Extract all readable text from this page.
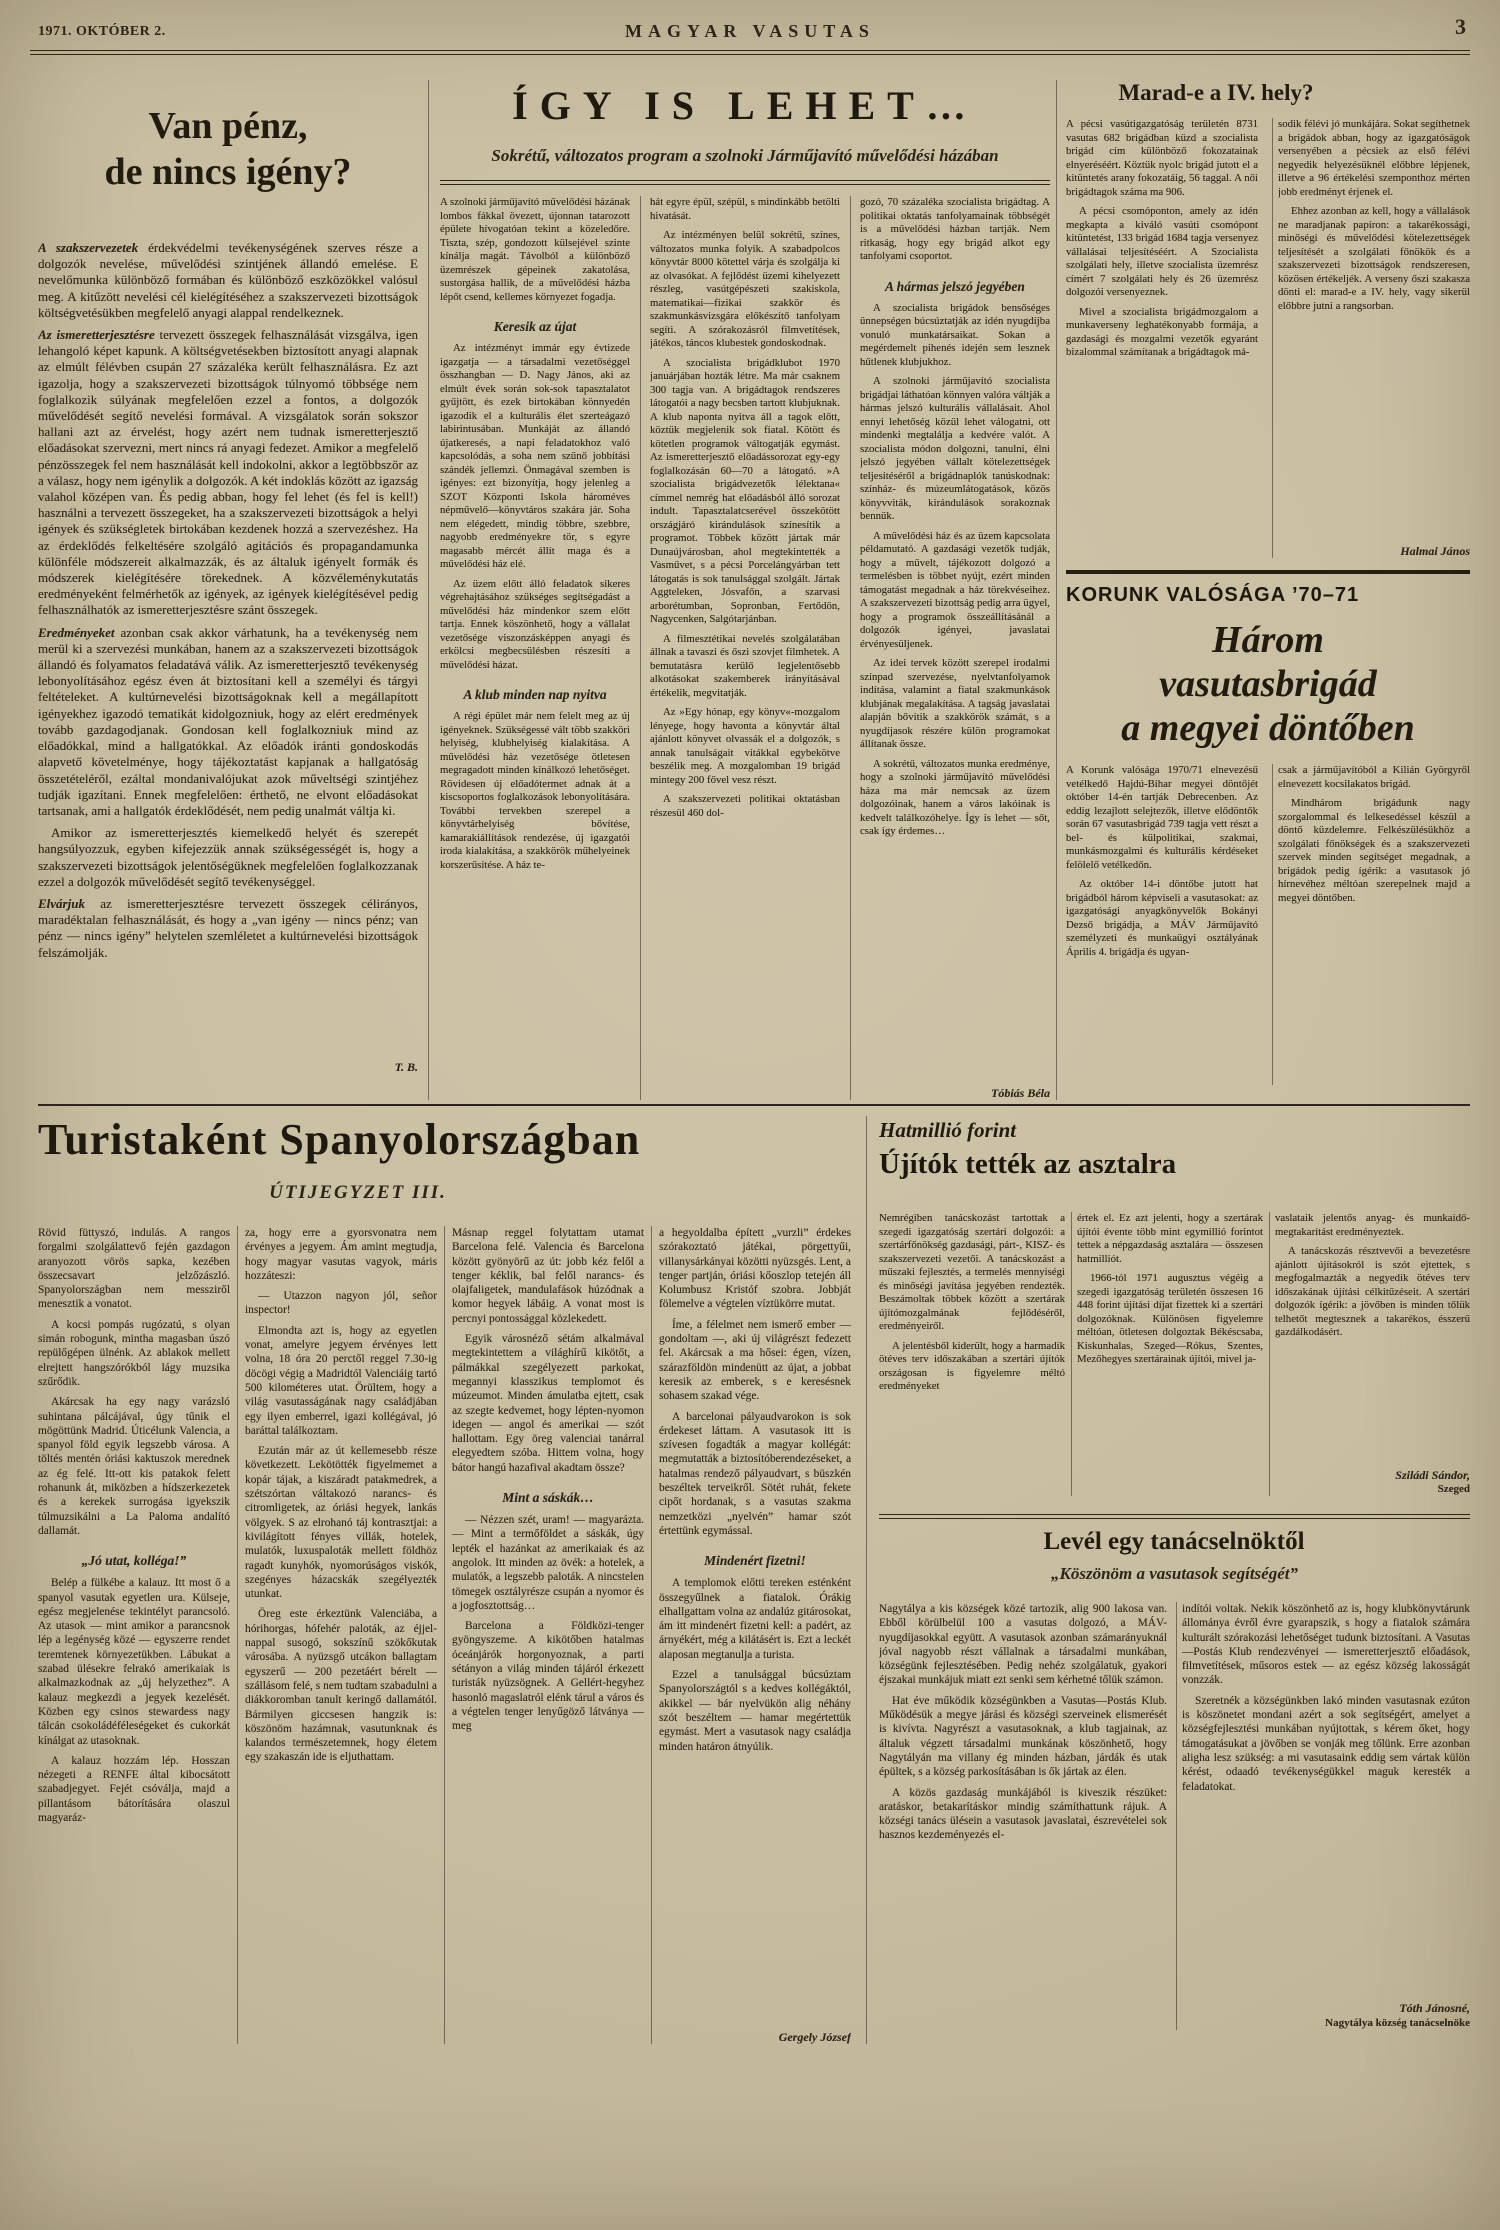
1971. OKTÓBER 2.	MAGYAR VASUTAS	3
Van pénz,
de nincs igény?

A szakszervezetek érdekvédelmi tevékenységének szerves része a dolgozók nevelése, művelődési szintjének állandó emelése. E nevelőmunka különböző formában és különböző eszközökkel valósul meg. A kitűzött nevelési cél kielégítéséhez a szakszervezeti bizottságok költségvetésükben megfelelő anyagi alappal rendelkeznek.

Az ismeretterjesztésre tervezett összegek felhasználását vizsgálva, igen lehangoló képet kapunk. A költségvetésekben biztosított anyagi alapnak az elmúlt félévben csupán 27 százaléka került felhasználásra. Ez azt igazolja, hogy a szakszervezeti bizottságok túlnyomó többsége nem foglalkozik súlyának megfelelően ezzel a fontos, a dolgozók művelődését segítő nevelési formával. A vizsgálatok során sokszor hallani azt az érvelést, hogy azért nem tudnak ismeretterjesztő előadásokat szervezni, mert nincs rá anyagi fedezet. Amikor a megfelelő pénzösszegek fel nem használását kell indokolni, akkor a legtöbbször az a válasz, hogy nem igénylik a dolgozók. A két indoklás között az igazság valahol középen van. És pedig abban, hogy fel lehet (és fel is kell!) használni a tervezett összegeket, ha a szakszervezeti bizottságok a helyi igények és szükségletek birtokában kezdenek hozzá a szervezéshez. Ha az érdeklődés felkeltésére szolgáló agitációs és propagandamunka különféle módszereit alkalmazzák, és az általuk igényelt formák és módszerek kielégítésére törekednek. A közvéleménykutatás eredményeként felmérhetők az igények, az igények kielégítésével pedig felhasználhatók az ismeretterjesztésre szánt összegek.

Eredményeket azonban csak akkor várhatunk, ha a tevékenység nem merül ki a szervezési munkában, hanem az a szakszervezeti bizottságok állandó és folyamatos feladatává válik. Az ismeretterjesztő tevékenység lebonyolításához egész éven át biztosítani kell a személyi és tárgyi feltételeket. A kultúrnevelési bizottságoknak kell a megállapított igényekhez igazodó tematikát kidolgozniuk, hogy az elért eredmények tovább gazdagodjanak. Gondosan kell foglalkozniuk mind az előadókkal, mind a hallgatókkal. Az előadók iránti gondoskodás alapvető követelménye, hogy tájékoztatást kapjanak a hallgatóság összetételéről, ezáltal mondanivalójukat azok műveltségi szintjéhez tudják igazítani. Ennek megfelelően: érthető, ne elvont előadásokat tartsanak, ami a hallgatók érdeklődését, nem pedig unalmát váltja ki.

Amikor az ismeretterjesztés kiemelkedő helyét és szerepét hangsúlyozzuk, egyben kifejezzük annak szükségességét is, hogy a szakszervezeti bizottságok jelentőségüknek megfelelően foglalkozzanak ezzel a dolgozók művelődését segítő tevékenységgel.

Elvárjuk az ismeretterjesztésre tervezett összegek célirányos, maradéktalan felhasználását, és hogy a „van igény — nincs pénz; van pénz — nincs igény” helytelen szemléletet a kultúrnevelési bizottságok felszámolják.

T. B.
ÍGY IS LEHET…
Sokrétű, változatos program a szolnoki Járműjavító művelődési házában

A szolnoki járműjavító művelődési házának lombos fákkal övezett, újonnan tatarozott épülete hívogatóan tekint a közeledőre. Tiszta, szép, gondozott külsejével szinte kínálja magát. Távolból a különböző üzemrészek gépeinek zakatolása, sustorgása hallik, de a művelődési házba lépőt csend, kellemes környezet fogadja.

Keresik az újat

Az intézményt immár egy évtizede igazgatja — a társadalmi vezetőséggel összhangban — D. Nagy János, aki az elmúlt évek során sok-sok tapasztalatot gyűjtött, és ezek birtokában könnyedén igazodik el a kulturális élet szerteágazó labirintusában. Munkáját az állandó újatkeresés, a napi feladatokhoz való kapcsolódás, a soha nem szűnő jobbítási szándék jellemzi. Önmagával szemben is igényes: ezt bizonyítja, hogy jelenleg a SZOT Központi Iskola hároméves népművelő—könyvtáros szakára jár. Soha nem elégedett, mindig többre, szebbre, nagyobb eredményekre tör, s egyre magasabb mércét állít maga és a művelődési ház elé.

Az üzem előtt álló feladatok sikeres végrehajtásához szükséges segítségadást a művelődési ház mindenkor szem előtt tartja. Ennek köszönhető, hogy a vállalat vezetősége viszonzásképpen anyagi és erkölcsi megbecsülésben részesíti a művelődési házat.

A klub minden nap nyitva

A régi épület már nem felelt meg az új igényeknek. Szükségessé vált több szakköri helyiség, klubhelyiség kialakítása. A művelődési ház vezetősége ötletesen megragadott minden kínálkozó lehetőséget. Rövidesen új előadótermet adnak át a kiscsoportos foglalkozások lebonyolítására. További tervekben szerepel a könyvtárhelyiség bővítése, kamarakiállítások rendezése, új igazgatói iroda kialakítása, a szakkörök műhelyeinek korszerűsítése. A ház te-

hát egyre épül, szépül, s mindinkább betölti hivatását.

Az intézményen belül sokrétű, színes, változatos munka folyik. A szabadpolcos könyvtár 8000 kötettel várja és szolgálja ki az olvasókat. A fejlődést üzemi kihelyezett részleg, vasútgépészeti szakiskola, matematikai—fizikai szakkör és szakmunkásvizsgára előkészítő tanfolyam segíti. A szórakozásról filmvetítések, játékos, táncos klubestek gondoskodnak.

A szocialista brigádklubot 1970 januárjában hozták létre. Ma már csaknem 300 tagja van. A brigádtagok rendszeres látogatói a nagy becsben tartott klubjuknak. A klub naponta nyitva áll a tagok előtt, köztük megjelenik sok fiatal. Kötött és kötetlen programok váltogatják egymást. Az ismeretterjesztő előadássorozat egy-egy foglalkozásán 60—70 a látogató. »A szocialista brigádvezetők lélektana« címmel nemrég hat előadásból álló sorozat indult. Tapasztalatcserével összekötött országjáró kirándulások színesítik a programot. Többek között jártak már Dunaújvárosban, ahol megtekintették a Vasművet, s a pécsi Porcelángyárban tett látogatás is sok tanulsággal szolgált. Jártak Aggteleken, Jósvafőn, a szarvasi arborétumban, Sopronban, Fertődön, Nagycenken, Salgótarjánban.

A filmesztétikai nevelés szolgálatában állnak a tavaszi és őszi szovjet filmhetek. A bemutatásra kerülő legjelentősebb alkotásokat szakemberek irányításával értékelik, megvitatják.

Az »Egy hónap, egy könyv«-mozgalom lényege, hogy havonta a könyvtár által ajánlott könyvet olvassák el a dolgozók, s annak tanulságait vitákkal egybekötve beszélik meg. A mozgalomban 19 brigád mintegy 200 fővel vesz részt.

A szakszervezeti politikai oktatásban részesül 460 dol-

gozó, 70 százaléka szocialista brigádtag. A politikai oktatás tanfolyamainak többségét is a művelődési házban tartják. Nem ritkaság, hogy egy brigád alkot egy tanfolyami csoportot.

A hármas jelszó jegyében

A szocialista brigádok bensőséges ünnepségen búcsúztatják az idén nyugdíjba vonuló munkatársaikat. Sokan a megérdemelt pihenés idején sem lesznek hűtlenek klubjukhoz.

A szolnoki járműjavító szocialista brigádjai láthatóan könnyen valóra váltják a hármas jelszó kulturális vállalásait. Ahol ennyi lehetőség közül lehet válogatni, ott mindenki megtalálja a kedvére valót. A szocialista módon dolgozni, tanulni, élni jelszó jegyében vállalt kötelezettségek teljesítéséről a brigádnaplók tanúskodnak: színház- és múzeumlátogatások, közös könyvviták, kirándulások sorakoznak bennük.

A művelődési ház és az üzem kapcsolata példamutató. A gazdasági vezetők tudják, hogy a művelt, tájékozott dolgozó a termelésben is többet nyújt, ezért minden támogatást megadnak a ház törekvéseihez. A szakszervezeti bizottság pedig arra ügyel, hogy a programok összeállításánál a dolgozók igényei, javaslatai érvényesüljenek.

Az idei tervek között szerepel irodalmi színpad szervezése, nyelvtanfolyamok indítása, valamint a fiatal szakmunkások klubjának megalakítása. A tagság javaslatai alapján bővítik a szakkörök számát, s a nyugdíjasok részére külön programokat állítanak össze.

A sokrétű, változatos munka eredménye, hogy a szolnoki járműjavító művelődési háza ma már nemcsak az üzem dolgozóinak, hanem a város lakóinak is kedvelt találkozóhelye. Így is lehet — sőt, csak így érdemes…

Tóbiás Béla
Marad-e a IV. hely?

A pécsi vasútigazgatóság területén 8731 vasutas 682 brigádban küzd a szocialista brigád cím különböző fokozatainak elnyeréséért. Köztük nyolc brigád jutott el a kitüntetés arany fokozatáig, 56 taggal. A női brigádtagok száma ma 906.

A pécsi csomóponton, amely az idén megkapta a kiváló vasúti csomópont kitüntetést, 133 brigád 1684 tagja versenyez vállalásai teljesítéséért. A Szocialista szolgálati hely, illetve szocialista üzemrész címért 7 szolgálati hely és 26 üzemrész dolgozói versenyeznek.

Mivel a szocialista brigádmozgalom a munkaverseny leghatékonyabb formája, a gazdasági és mozgalmi vezetők egyaránt bizalommal számítanak a brigádtagok má-

sodik félévi jó munkájára. Sokat segíthetnek a brigádok abban, hogy az igazgatóságok versenyében a pécsiek az első félévi negyedik helyezésüknél előbbre lépjenek, illetve a 96 értékelési szemponthoz mérten jobb eredményt érjenek el.

Ehhez azonban az kell, hogy a vállalások ne maradjanak papíron: a takarékossági, minőségi és művelődési kötelezettségek teljesítését a szolgálati főnökök és a szakszervezeti bizottságok rendszeresen, közösen értékeljék. A verseny őszi szakasza dönti el: marad-e a IV. hely, vagy sikerül előbbre jutni a rangsorban.

Halmai János
KORUNK VALÓSÁGA ’70–71
Három
vasutasbrigád
a megyei döntőben

A Korunk valósága 1970/71 elnevezésű vetélkedő Hajdú-Bihar megyei döntőjét október 14-én tartják Debrecenben. Az eddig lezajlott selejtezők, illetve elődöntők során 67 vasutasbrigád 739 tagja vett részt a bel- és külpolitikai, szakmai, munkásmozgalmi és kulturális kérdéseket felölelő vetélkedőn.

Az október 14-i döntőbe jutott hat brigádból három képviseli a vasutasokat: az igazgatósági anyagkönyvelők Bokányi Dezső brigádja, a MÁV Járműjavító személyzeti és munkaügyi osztályának Április 4. brigádja és ugyan-

csak a járműjavítóból a Kilián Györgyről elnevezett kocsilakatos brigád.

Mindhárom brigádunk nagy szorgalommal és lelkesedéssel készül a döntő küzdelemre. Felkészülésükhöz a szolgálati főnökségek és a szakszervezeti szervek minden segítséget megadnak, a brigádok pedig ígérik: a vasutasok jó hírnevéhez méltóan szerepelnek majd a megyei döntőben.

Turistaként Spanyolországban
ÚTIJEGYZET III.

Rövid füttyszó, indulás. A rangos forgalmi szolgálattevő fején gazdagon aranyozott vörös sapka, kezében összecsavart jelzőzászló. Spanyolországban nem messziről menesztik a vonatot.

A kocsi pompás rugózatú, s olyan simán robogunk, mintha magasban úszó repülőgépen ülnénk. Az ablakok mellett elrejtett hangszórókból lágy muzsika szűrődik.

Akárcsak ha egy nagy varázsló suhintana pálcájával, úgy tűnik el mögöttünk Madrid. Úticélunk Valencia, a spanyol föld egyik legszebb városa. A töltés mentén óriási kaktuszok merednek az ég felé. Itt-ott kis patakok felett rohanunk át, miközben a hídszerkezetek és a kerekek surrogása igyekszik túlmuzsikálni a La Paloma andalító dallamát.

„Jó utat, kolléga!”

Belép a fülkébe a kalauz. Itt most ő a spanyol vasutak egyetlen ura. Külseje, egész megjelenése tekintélyt parancsoló. Az utasok — mint amikor a parancsnok lép a legénység közé — egyszerre rendet teremtenek környezetükben. Lábukat a szabad ülésekre felrakó amerikaiak is alkalmazkodnak az „új helyzethez”. A kalauz megkezdi a jegyek kezelését. Közben egy csinos stewardess nagy tálcán csokoládéféleségeket és cukorkát kínálgat az utasoknak.

A kalauz hozzám lép. Hosszan nézegeti a RENFE által kibocsátott szabadjegyet. Fejét csóválja, majd a pillantásom bátorítására olaszul magyaráz-

za, hogy erre a gyorsvonatra nem érvényes a jegyem. Ám amint megtudja, hogy magyar vasutas vagyok, máris hozzáteszi:

— Utazzon nagyon jól, señor inspector!

Elmondta azt is, hogy az egyetlen vonat, amelyre jegyem érvényes lett volna, 18 óra 20 perctől reggel 7.30-ig döcögi végig a Madridtól Valenciáig tartó 500 kilométeres utat. Örültem, hogy a világ vasutasságának nagy családjában egy ilyen emberrel, igazi kollégával, jó baráttal találkoztam.

Ezután már az út kellemesebb része következett. Lekötötték figyelmemet a kopár tájak, a kiszáradt patakmedrek, a szétszórtan váltakozó narancs- és citromligetek, az óriási hegyek, lankás völgyek. S az elrohanó táj kontrasztjai: a kivilágított fényes villák, hotelek, mulatók, luxuspaloták mellett földhöz ragadt kunyhók, nyomorúságos viskók, szegényes házacskák szegélyezték utunkat.

Öreg este érkeztünk Valenciába, a hórihorgas, hófehér paloták, az éjjel-nappal susogó, sokszínű szökőkutak városába. A nyüzsgő utcákon ballagtam egyszerű — 200 pezetáért bérelt — szállásom felé, s nem tudtam szabadulni a diákkoromban tanult keringő dallamától. Bármilyen giccsesen hangzik is: köszönöm hazámnak, vasutunknak és kalandos természetemnek, hogy életem egy szakaszán ide is eljuthattam.

Másnap reggel folytattam utamat Barcelona felé. Valencia és Barcelona között gyönyörű az út: jobb kéz felől a tenger kéklik, bal felől narancs- és olajfaligetek, mandulafások húzódnak a komor hegyek lábáig. A vonat most is percnyi pontossággal közlekedett.

Egyik városnéző sétám alkalmával megtekintettem a világhírű kikötőt, a pálmákkal szegélyezett parkokat, megannyi klasszikus templomot és múzeumot. Minden ámulatba ejtett, csak az szegte kedvemet, hogy lépten-nyomon idegen — angol és amerikai — szót hallottam. Egy öreg valenciai tanárral elegyedtem szóba. Hittem volna, hogy bátor hangú hazafival akadtam össze?

Mint a sáskák…

— Nézzen szét, uram! — magyarázta. — Mint a termőföldet a sáskák, úgy lepték el hazánkat az amerikaiak és az angolok. Itt minden az övék: a hotelek, a mulatók, a legszebb paloták. A nincstelen tömegek osztályrésze csupán a nyomor és a jogfosztottság…

Barcelona a Földközi-tenger gyöngyszeme. A kikötőben hatalmas óceánjárók horgonyoznak, a parti sétányon a világ minden tájáról érkezett turisták nyüzsögnek. A Gellért-hegyhez hasonló magaslatról elénk tárul a város és a végtelen tenger lenyűgöző látványa — meg

a hegyoldalba épített „vurzli” érdekes szórakoztató játékai, pörgettyűi, villanysárkányai közötti nyüzsgés. Lent, a tenger partján, óriási kőoszlop tetején áll Kolumbusz Kristóf szobra. Jobbját fölemelve a végtelen víztükörre mutat.

Íme, a félelmet nem ismerő ember — gondoltam —, aki új világrészt fedezett fel. Akárcsak a ma hősei: égen, vízen, szárazföldön mindenütt az újat, a jobbat keresik az emberek, s e keresésnek sohasem szakad vége.

A barcelonai pályaudvarokon is sok érdekeset láttam. A vasutasok itt is szívesen fogadták a magyar kollégát: megmutatták a biztosítóberendezéseket, a hatalmas rendező pályaudvart, s büszkén beszéltek terveikről. Sötét ruhát, fekete cipőt hordanak, s a vasutas szakma nemzetközi „nyelvén” hamar szót értettünk egymással.

Mindenért fizetni!

A templomok előtti tereken esténként összegyűlnek a fiatalok. Órákig elhallgattam volna az andalúz gitárosokat, ám itt mindenért fizetni kell: a padért, az árnyékért, még a kilátásért is. Ezt a leckét alaposan megtanulja a turista.

Ezzel a tanulsággal búcsúztam Spanyolországtól s a kedves kollégáktól, akikkel — bár nyelvükön alig néhány szót beszéltem — hamar megértettük egymást. Mert a vasutasok nagy családja minden határon átnyúlik.

Gergely József
Hatmillió forint
Újítók tették az asztalra

Nemrégiben tanácskozást tartottak a szegedi igazgatóság szertári dolgozói: a szertárfőnökség gazdasági, párt-, KISZ- és szakszervezeti vezetői. A tanácskozást a műszaki fejlesztés, a termelés mennyiségi és minőségi javítása jegyében rendezték. Beszámoltak többek között a szertárak újítómozgalmának fejlődéséről, eredményeiről.

A jelentésből kiderült, hogy a harmadik ötéves terv időszakában a szertári újítók országosan is figyelemre méltó eredményeket

értek el. Ez azt jelenti, hogy a szertárak újítói évente több mint egymillió forintot tettek a népgazdaság asztalára — összesen hatmilliót.

1966-tól 1971 augusztus végéig a szegedi igazgatóság területén összesen 16 448 forint újítási díjat fizettek ki a szertári dolgozóknak. Különösen figyelemre méltóan, ötletesen dolgoztak Békéscsaba, Kiskunhalas, Szeged—Rókus, Szentes, Mezőhegyes szertárainak újítói, mivel ja-

vaslataik jelentős anyag- és munkaidő-megtakarítást eredményeztek.

A tanácskozás résztvevői a bevezetésre ajánlott újításokról is szót ejtettek, s megfogalmazták a negyedik ötéves terv időszakának újítási célkitűzéseit. A szertári dolgozók ígérik: a jövőben is minden tőlük telhetőt megtesznek a takarékos, ésszerű gazdálkodásért.

Sziládi Sándor,
Szeged
Levél egy tanácselnöktől
„Köszönöm a vasutasok segítségét”

Nagytálya a kis községek közé tartozik, alig 900 lakosa van. Ebből körülbelül 100 a vasutas dolgozó, a MÁV-nyugdíjasokkal együtt. A vasutasok azonban számarányuknál jóval nagyobb részt vállalnak a társadalmi munkában, községünk fejlesztésében. Pedig nehéz szolgálatuk, gyakori éjszakai munkájuk miatt ezt senki sem kérhetné tőlük számon.

Hat éve működik községünkben a Vasutas—Postás Klub. Működésük a megye járási és községi szerveinek elismerését is kivívta. Nagyrészt a vasutasoknak, a klub tagjainak, az általuk végzett társadalmi munkának köszönhető, hogy Nagytályán ma villany ég minden házban, járdák és utak épültek, s a község parkosításában is ők jártak az élen.

A közös gazdaság munkájából is kiveszik részüket: aratáskor, betakarításkor mindig számíthattunk rájuk. A községi tanács ülésein a vasutasok javaslatai, észrevételei sok hasznos kezdeményezés el-

indítói voltak. Nekik köszönhető az is, hogy klubkönyvtárunk állománya évről évre gyarapszik, s hogy a fiatalok számára kulturált szórakozási lehetőséget tudunk biztosítani. A Vasutas—Postás Klub rendezvényei — ismeretterjesztő előadások, filmvetítések, műsoros estek — az egész község lakosságát vonzzák.

Szeretnék a községünkben lakó minden vasutasnak ezúton is köszönetet mondani azért a sok segítségért, amelyet a községfejlesztési munkában nyújtottak, s kérem őket, hogy támogatásukat a jövőben se vonják meg tőlünk. Erre azonban aligha lesz szükség: a mi vasutasaink eddig sem vártak külön kérést, odaadó tevékenységükkel maguk keresték a feladatokat.

Tóth Jánosné,
Nagytálya község tanácselnöke
